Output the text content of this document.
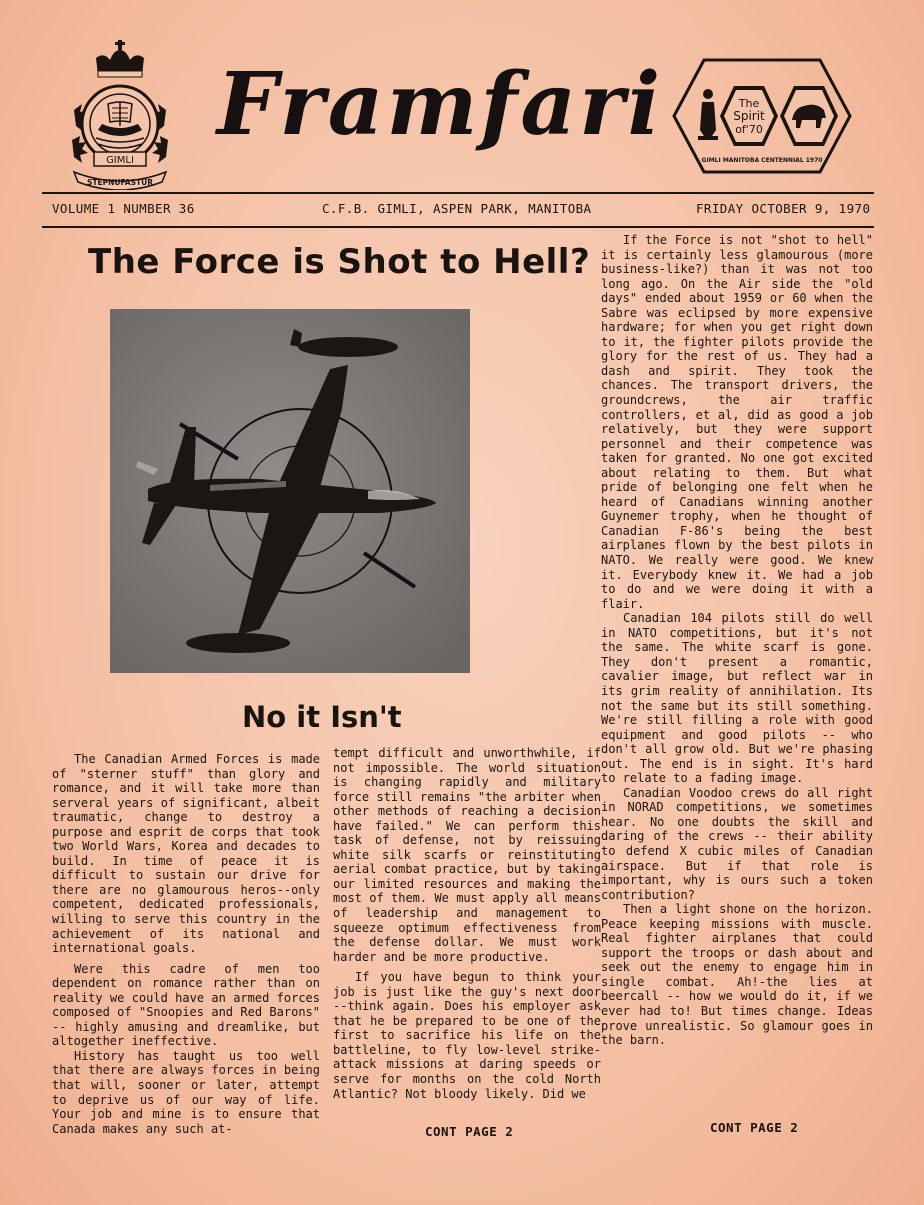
GIMLI
STEPNUFASTUR
Framfari	The
Spirit
of'70
GIMLI MANITOBA CENTENNIAL 1970
VOLUME 1 NUMBER 36	C.F.B. GIMLI, ASPEN PARK, MANITOBA	FRIDAY OCTOBER 9, 1970
The Force is Shot to Hell?
No it Isn't

The Canadian Armed Forces is made of "sterner stuff" than glory and romance, and it will take more than serveral years of significant, albeit traumatic, change to destroy a purpose and esprit de corps that took two World Wars, Korea and decades to build. In time of peace it is difficult to sustain our drive for there are no glamourous heros--only competent, dedicated professionals, willing to serve this country in the achievement of its national and international goals.

Were this cadre of men too dependent on romance rather than on reality we could have an armed forces composed of "Snoopies and Red Barons" -- highly amusing and dreamlike, but altogether ineffective.

History has taught us too well that there are always forces in being that will, sooner or later, attempt to deprive us of our way of life. Your job and mine is to ensure that Canada makes any such at-

tempt difficult and unworthwhile, if not impossible. The world situation is changing rapidly and military force still remains "the arbiter when other methods of reaching a decision have failed." We can perform this task of defense, not by reissuing white silk scarfs or reinstituting aerial combat practice, but by taking our limited resources and making the most of them. We must apply all means of leadership and management to squeeze optimum effectiveness from the defense dollar. We must work harder and be more productive.

If you have begun to think your job is just like the guy's next door --think again. Does his employer ask that he be prepared to be one of the first to sacrifice his life on the battleline, to fly low-level strike-attack missions at daring speeds or serve for months on the cold North Atlantic? Not bloody likely. Did we

CONT PAGE 2

If the Force is not "shot to hell" it is certainly less glamourous (more business-like?) than it was not too long ago. On the Air side the "old days" ended about 1959 or 60 when the Sabre was eclipsed by more expensive hardware; for when you get right down to it, the fighter pilots provide the glory for the rest of us. They had a dash and spirit. They took the chances. The transport drivers, the groundcrews, the air traffic controllers, et al, did as good a job relatively, but they were support personnel and their competence was taken for granted. No one got excited about relating to them. But what pride of belonging one felt when he heard of Canadians winning another Guynemer trophy, when he thought of Canadian F-86's being the best airplanes flown by the best pilots in NATO. We really were good. We knew it. Everybody knew it. We had a job to do and we were doing it with a flair.

Canadian 104 pilots still do well in NATO competitions, but it's not the same. The white scarf is gone. They don't present a romantic, cavalier image, but reflect war in its grim reality of annihilation. Its not the same but its still something. We're still filling a role with good equipment and good pilots -- who don't all grow old. But we're phasing out. The end is in sight. It's hard to relate to a fading image.

Canadian Voodoo crews do all right in NORAD competitions, we sometimes hear. No one doubts the skill and daring of the crews -- their ability to defend X cubic miles of Canadian airspace. But if that role is important, why is ours such a token contribution?

Then a light shone on the horizon. Peace keeping missions with muscle. Real fighter airplanes that could support the troops or dash about and seek out the enemy to engage him in single combat. Ah!-the lies at beercall -- how we would do it, if we ever had to! But times change. Ideas prove unrealistic. So glamour goes in the barn.

CONT PAGE 2
